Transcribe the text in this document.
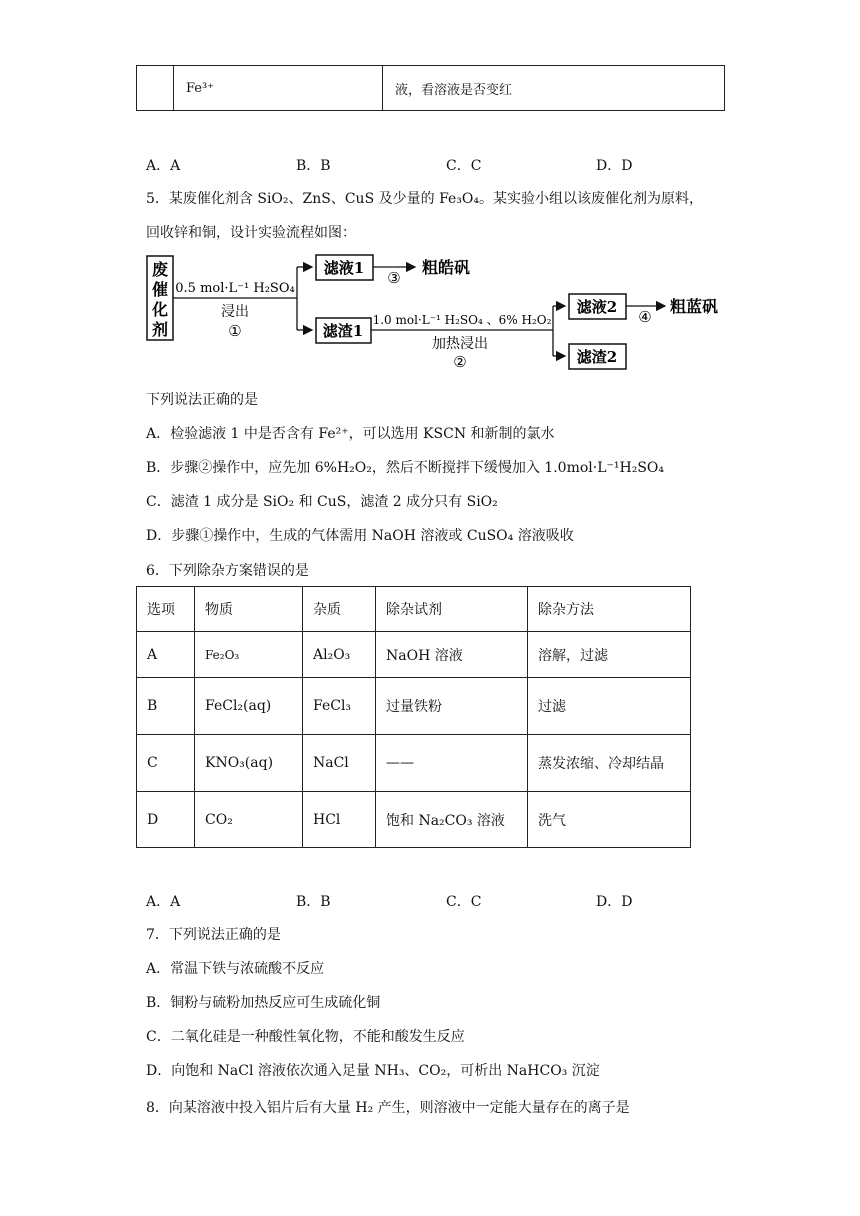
	Fe³⁺	液，看溶液是否变红
A．A	B．B	C．C	D．D
5．某废催化剂含 SiO₂、ZnS、CuS 及少量的 Fe₃O₄。某实验小组以该废催化剂为原料，
回收锌和铜，设计实验流程如图：
废
催
化
剂
0.5 mol·L⁻¹ H₂SO₄
浸出
①
滤液1
③
粗皓矾
滤渣1
1.0 mol·L⁻¹ H₂SO₄ 、6% H₂O₂
加热浸出
②
滤液2
④
粗蓝矾
滤渣2
下列说法正确的是
A．检验滤液 1 中是否含有 Fe²⁺，可以选用 KSCN 和新制的氯水
B．步骤②操作中，应先加 6%H₂O₂，然后不断搅拌下缓慢加入 1.0mol·L⁻¹H₂SO₄
C．滤渣 1 成分是 SiO₂ 和 CuS，滤渣 2 成分只有 SiO₂
D．步骤①操作中，生成的气体需用 NaOH 溶液或 CuSO₄ 溶液吸收
6．下列除杂方案错误的是
选项	物质	杂质	除杂试剂	除杂方法
A	Fe₂O₃	Al₂O₃	NaOH 溶液	溶解，过滤
B	FeCl₂(aq)	FeCl₃	过量铁粉	过滤
C	KNO₃(aq)	NaCl	——	蒸发浓缩、冷却结晶
D	CO₂	HCl	饱和 Na₂CO₃ 溶液	洗气
A．A	B．B	C．C	D．D
7．下列说法正确的是
A．常温下铁与浓硫酸不反应
B．铜粉与硫粉加热反应可生成硫化铜
C．二氧化硅是一种酸性氧化物，不能和酸发生反应
D．向饱和 NaCl 溶液依次通入足量 NH₃、CO₂，可析出 NaHCO₃ 沉淀
8．向某溶液中投入铝片后有大量 H₂ 产生，则溶液中一定能大量存在的离子是
